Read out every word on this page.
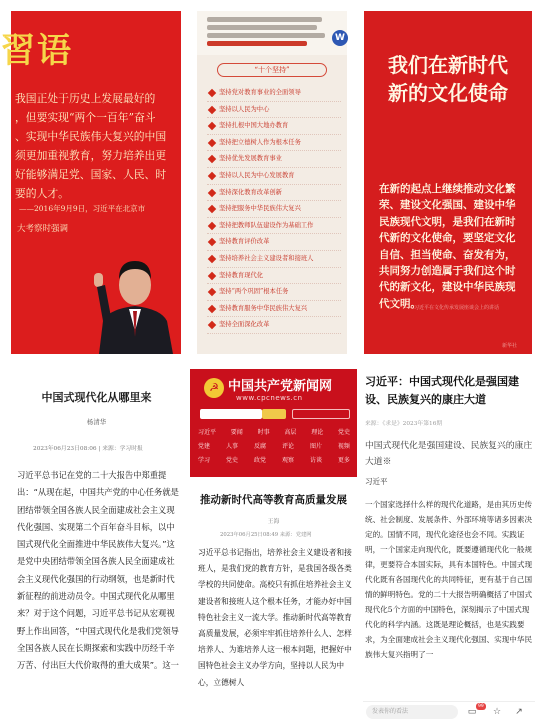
習语
我国正处于历史上发展最好的
，但要实现“两个一百年”奋斗
、实现中华民族伟大复兴的中国
须更加重视教育，努力培养出更
好能够满足党、国家、人民、时
要的人才。
——2016年9月9日，习近平在北京市
大考察时强调
W
“十个坚持”
坚持党对教育事业的全面领导
坚持以人民为中心
坚持扎根中国大地办教育
坚持把立德树人作为根本任务
坚持优先发展教育事业
坚持以人民为中心发展教育
坚持深化教育改革创新
坚持把服务中华民族伟大复兴
坚持把教师队伍建设作为基础工作
坚持教育评价改革
坚持培养社会主义建设者和接班人
坚持教育现代化
坚持“两个巩固”根本任务
坚持教育服务中华民族伟大复兴
坚持全面深化改革
我们在新时代
新的文化使命
在新的起点上继续推动文化繁荣、建设文化强国、建设中华民族现代文明，是我们在新时代新的文化使命，要坚定文化自信、担当使命、奋发有为，共同努力创造属于我们这个时代的新文化，建设中华民族现代文明。
——习近平在文化传承发展座谈会上的讲话
新华社
中国式现代化从哪里来
杨清华
2023年06月23日08:06 | 来源：学习时报
习近平总书记在党的二十大报告中郑重提出：“从现在起，中国共产党的中心任务就是团结带领全国各族人民全面建成社会主义现代化强国、实现第二个百年奋斗目标，以中国式现代化全面推进中华民族伟大复兴。”这是党中央团结带领全国各族人民全面建成社会主义现代化强国的行动纲领，也是新时代新征程的前进动员令。中国式现代化从哪里来？对于这个问题，习近平总书记从宏观视野上作出回答，“中国式现代化是我们党领导全国各族人民在长期探索和实践中历经千辛万苦、付出巨大代价取得的重大成果”。这一
☭ 中国共产党新闻网
www.cpcnews.cn
习近平 要闻 时事 高层 理论 党史
党建	人事	反腐	评论	图片	视频
学习	党史	政党	观察	访谈	更多
推动新时代高等教育高质量发展
王海
2023年06月25日08:49 来源：党建网
习近平总书记指出，培养社会主义建设者和接班人，是我们党的教育方针，是我国各级各类学校的共同使命。高校只有抓住培养社会主义建设者和接班人这个根本任务，才能办好中国特色社会主义一流大学。推动新时代高等教育高质量发展，必须牢牢抓住培养什么人、怎样培养人、为谁培养人这一根本问题，把握好中国特色社会主义办学方向，坚持以人民为中心，立德树人
习近平：中国式现代化是强国建设、民族复兴的康庄大道
来源：《求是》2023年第16期
中国式现代化是强国建设、民族复兴的康庄大道※
习近平
一个国家选择什么样的现代化道路，是由其历史传统、社会制度、发展条件、外部环境等诸多因素决定的。国情不同，现代化途径也会不同。实践证明，一个国家走向现代化，既要遵循现代化一般规律，更要符合本国实际，具有本国特色。中国式现代化既有各国现代化的共同特征，更有基于自己国情的鲜明特色。党的二十大报告明确概括了中国式现代化5个方面的中国特色，深刻揭示了中国式现代化的科学内涵。这既是理论概括，也是实践要求，为全面建成社会主义现代化强国、实现中华民族伟大复兴指明了一
发表你的看法	▭
99
☆ ↗
